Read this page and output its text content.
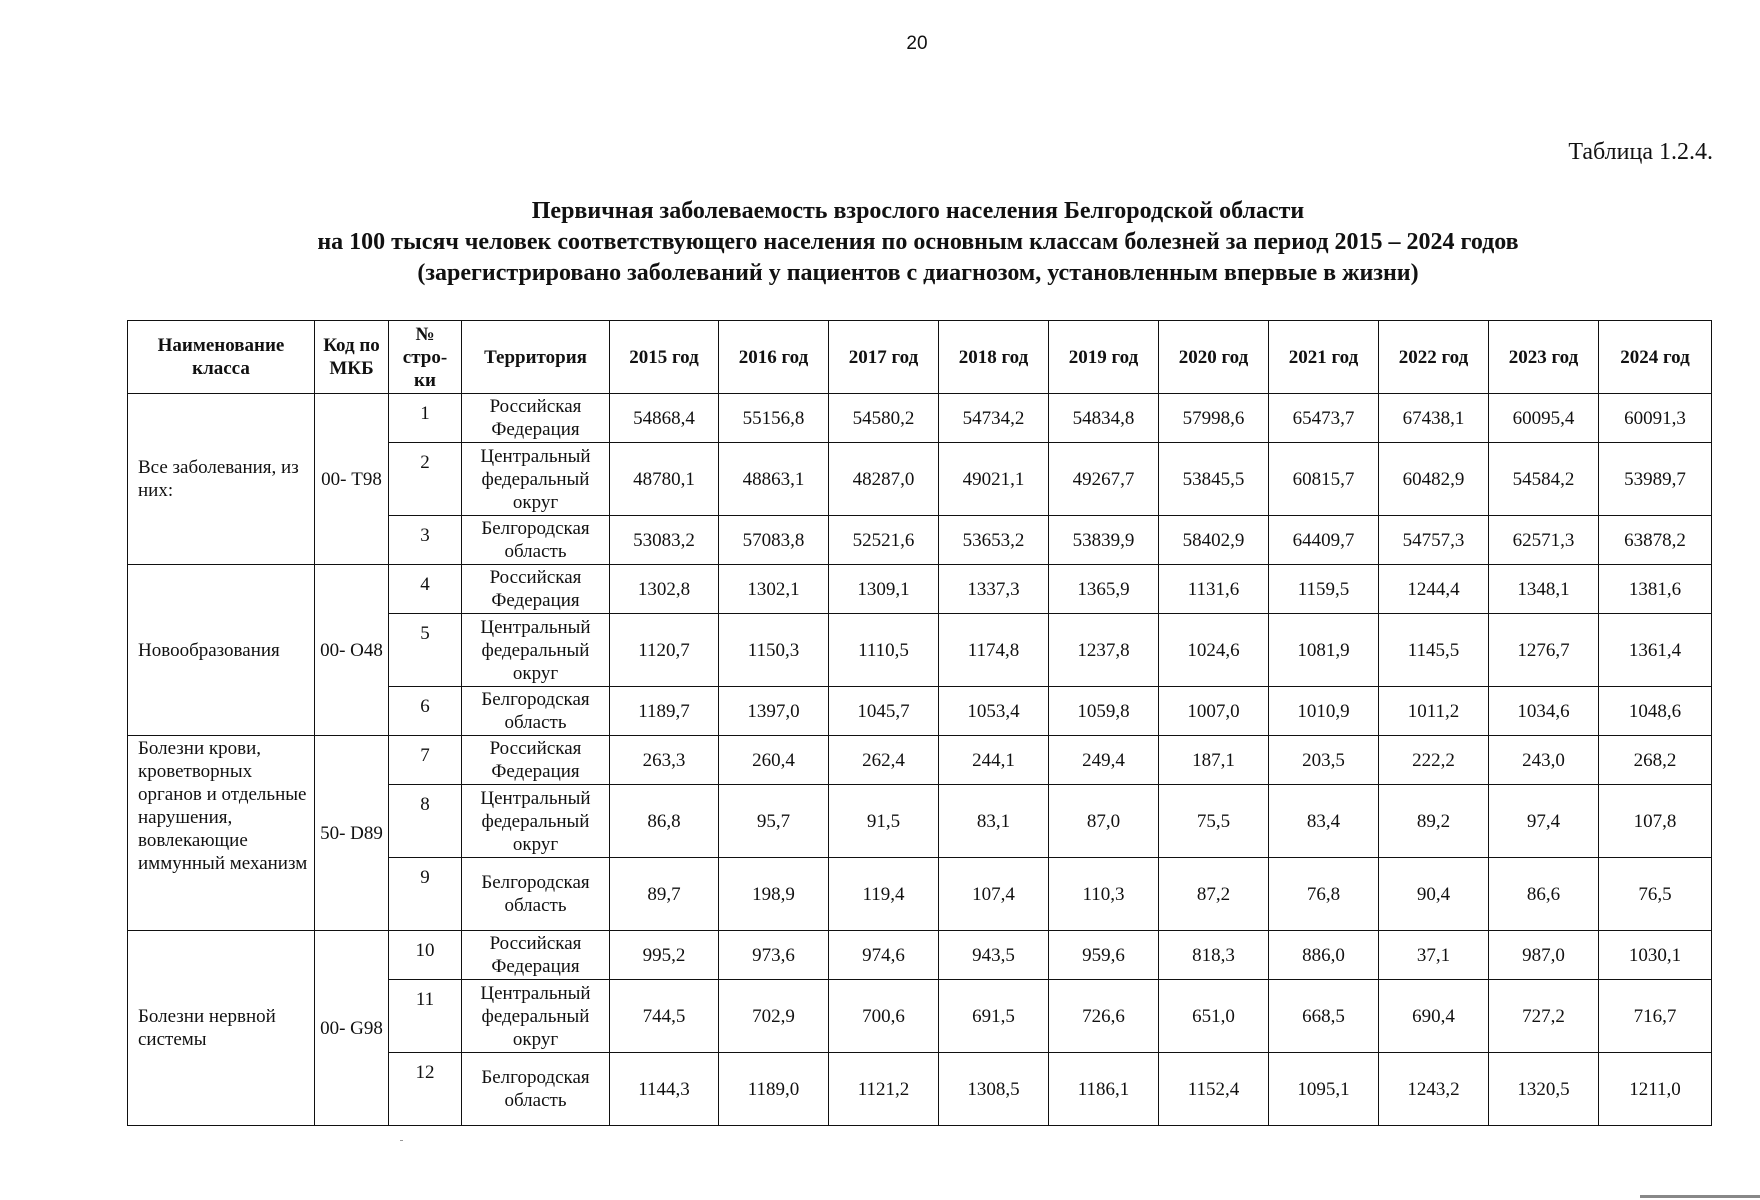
20
Таблица 1.2.4.
Первичная заболеваемость взрослого населения Белгородской области
на 100 тысяч человек соответствующего населения по основным классам болезней за период 2015 – 2024 годов
(зарегистрировано заболеваний у пациентов с диагнозом, установленным впервые в жизни)
Наименование класса	Код по МКБ	№ стро- ки	Территория	2015 год	2016 год	2017 год	2018 год	2019 год	2020 год	2021 год	2022 год	2023 год	2024 год
Все заболевания, из них:	00- Т98	1	Российская Федерация	54868,4	55156,8	54580,2	54734,2	54834,8	57998,6	65473,7	67438,1	60095,4	60091,3
		2	Центральный федеральный округ	48780,1	48863,1	48287,0	49021,1	49267,7	53845,5	60815,7	60482,9	54584,2	53989,7
		3	Белгородская область	53083,2	57083,8	52521,6	53653,2	53839,9	58402,9	64409,7	54757,3	62571,3	63878,2
Новообразования	00- О48	4	Российская Федерация	1302,8	1302,1	1309,1	1337,3	1365,9	1131,6	1159,5	1244,4	1348,1	1381,6
		5	Центральный федеральный округ	1120,7	1150,3	1110,5	1174,8	1237,8	1024,6	1081,9	1145,5	1276,7	1361,4
		6	Белгородская область	1189,7	1397,0	1045,7	1053,4	1059,8	1007,0	1010,9	1011,2	1034,6	1048,6
Болезни крови, кроветворных органов и отдельные нарушения, вовлекающие иммунный механизм	50- D89	7	Российская Федерация	263,3	260,4	262,4	244,1	249,4	187,1	203,5	222,2	243,0	268,2
		8	Центральный федеральный округ	86,8	95,7	91,5	83,1	87,0	75,5	83,4	89,2	97,4	107,8
		9	Белгородская область	89,7	198,9	119,4	107,4	110,3	87,2	76,8	90,4	86,6	76,5
Болезни нервной системы	00- G98	10	Российская Федерация	995,2	973,6	974,6	943,5	959,6	818,3	886,0	37,1	987,0	1030,1
		11	Центральный федеральный округ	744,5	702,9	700,6	691,5	726,6	651,0	668,5	690,4	727,2	716,7
		12	Белгородская область	1144,3	1189,0	1121,2	1308,5	1186,1	1152,4	1095,1	1243,2	1320,5	1211,0
